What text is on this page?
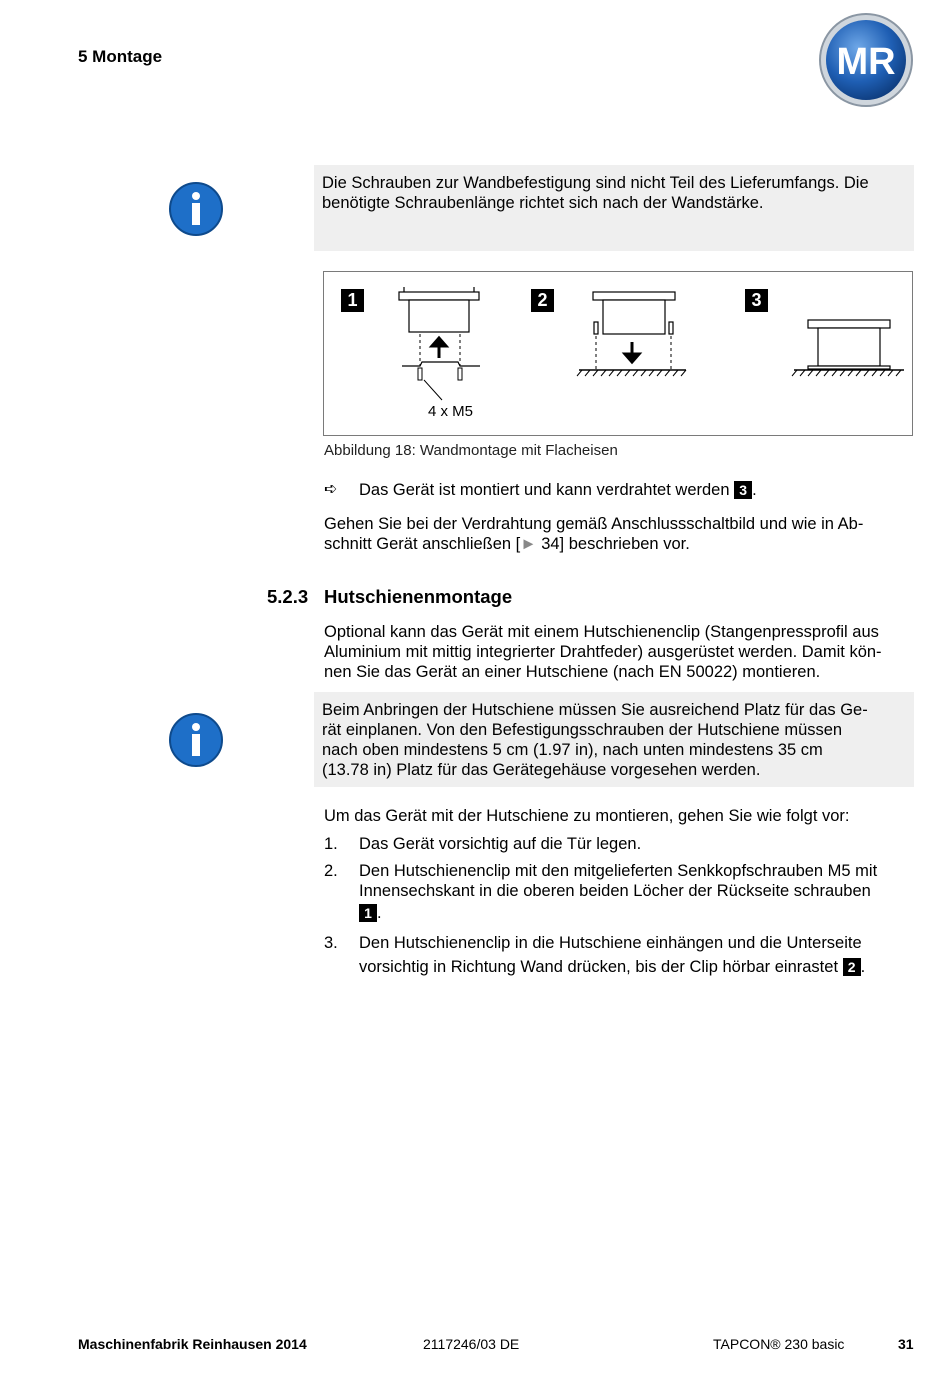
5 Montage	MR
Die Schrauben zur Wandbefestigung sind nicht Teil des Lieferumfangs. Die benötigte Schraubenlänge richtet sich nach der Wandstärke.
1	2	3
4 x M5
Abbildung 18: Wandmontage mit Flacheisen
➪ Das Gerät ist montiert und kann verdrahtet werden 3 .
Gehen Sie bei der Verdrahtung gemäß Anschlussschaltbild und wie in Ab-
schnitt Gerät anschließen [► 34] beschrieben vor.
5.2.3 Hutschienenmontage
Optional kann das Gerät mit einem Hutschienenclip (Stangenpressprofil aus
Aluminium mit mittig integrierter Drahtfeder) ausgerüstet werden. Damit kön-
nen Sie das Gerät an einer Hutschiene (nach EN 50022) montieren.
Beim Anbringen der Hutschiene müssen Sie ausreichend Platz für das Ge-
rät einplanen. Von den Befestigungsschrauben der Hutschiene müssen
nach oben mindestens 5 cm (1.97 in), nach unten mindestens 35 cm
(13.78 in) Platz für das Gerätegehäuse vorgesehen werden.
Um das Gerät mit der Hutschiene zu montieren, gehen Sie wie folgt vor:
1. Das Gerät vorsichtig auf die Tür legen.
2. Den Hutschienenclip mit den mitgelieferten Senkkopfschrauben M5 mit
Innensechskant in die oberen beiden Löcher der Rückseite schrauben
1 .
3. Den Hutschienenclip in die Hutschiene einhängen und die Unterseite
vorsichtig in Richtung Wand drücken, bis der Clip hörbar einrastet 2 .
Maschinenfabrik Reinhausen 2014	2117246/03 DE	TAPCON® 230 basic	31
